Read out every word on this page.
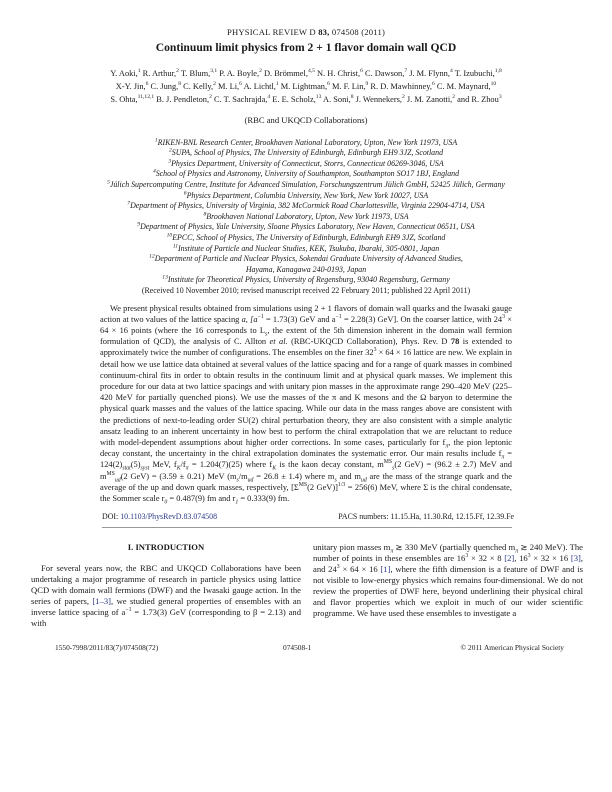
PHYSICAL REVIEW D 83, 074508 (2011)
Continuum limit physics from 2 + 1 flavor domain wall QCD
Y. Aoki,$^1$ R. Arthur,$^2$ T. Blum,$^{3,1}$ P. A. Boyle,$^2$ D. Brömmel,$^{4,5}$ N. H. Christ,$^6$ C. Dawson,$^7$ J. M. Flynn,$^4$ T. Izubuchi,$^{1,8}$
X-Y. Jin,$^6$ C. Jung,$^8$ C. Kelly,$^2$ M. Li,$^6$ A. Lichtl,$^1$ M. Lightman,$^6$ M. F. Lin,$^9$ R. D. Mawhinney,$^6$ C. M. Maynard,$^{10}$
S. Ohta,$^{11,12,1}$ B. J. Pendleton,$^2$ C. T. Sachrajda,$^4$ E. E. Scholz,$^{13}$ A. Soni,$^8$ J. Wennekers,$^2$ J. M. Zanotti,$^2$ and R. Zhou$^3$
(RBC and UKQCD Collaborations)
$^1$RIKEN-BNL Research Center, Brookhaven National Laboratory, Upton, New York 11973, USA
$^2$SUPA, School of Physics, The University of Edinburgh, Edinburgh EH9 3JZ, Scotland
$^3$Physics Department, University of Connecticut, Storrs, Connecticut 06269-3046, USA
$^4$School of Physics and Astronomy, University of Southampton, Southampton SO17 1BJ, England
$^5$Jülich Supercomputing Centre, Institute for Advanced Simulation, Forschungszentrum Jülich GmbH, 52425 Jülich, Germany
$^6$Physics Department, Columbia University, New York, New York 10027, USA
$^7$Department of Physics, University of Virginia, 382 McCormick Road Charlottesville, Virginia 22904-4714, USA
$^8$Brookhaven National Laboratory, Upton, New York 11973, USA
$^9$Department of Physics, Yale University, Sloane Physics Laboratory, New Haven, Connecticut 06511, USA
$^{10}$EPCC, School of Physics, The University of Edinburgh, Edinburgh EH9 3JZ, Scotland
$^{11}$Institute of Particle and Nuclear Studies, KEK, Tsukuba, Ibaraki, 305-0801, Japan
$^{12}$Department of Particle and Nuclear Physics, Sokendai Graduate University of Advanced Studies,
Hayama, Kanagawa 240-0193, Japan
$^{13}$Institute for Theoretical Physics, University of Regensburg, 93040 Regensburg, Germany
(Received 10 November 2010; revised manuscript received 22 February 2011; published 22 April 2011)

We present physical results obtained from simulations using 2 + 1 flavors of domain wall quarks and the Iwasaki gauge action at two values of the lattice spacing a, [$a^{-1} = 1.73(3)$ GeV and $a^{-1} = 2.28(3)$ GeV]. On the coarser lattice, with $24^3 \times 64 \times 16$ points (where the 16 corresponds to $L_s$, the extent of the 5th dimension inherent in the domain wall fermion formulation of QCD), the analysis of C. Allton et al. (RBC-UKQCD Collaboration), Phys. Rev. D 78 is extended to approximately twice the number of configurations. The ensembles on the finer $32^3 \times 64 \times 16$ lattice are new. We explain in detail how we use lattice data obtained at several values of the lattice spacing and for a range of quark masses in combined continuum-chiral fits in order to obtain results in the continuum limit and at physical quark masses. We implement this procedure for our data at two lattice spacings and with unitary pion masses in the approximate range 290–420 MeV (225–420 MeV for partially quenched pions). We use the masses of the π and K mesons and the Ω baryon to determine the physical quark masses and the values of the lattice spacing. While our data in the mass ranges above are consistent with the predictions of next-to-leading order SU(2) chiral perturbation theory, they are also consistent with a simple analytic ansatz leading to an inherent uncertainty in how best to perform the chiral extrapolation that we are reluctant to reduce with model-dependent assumptions about higher order corrections. In some cases, particularly for $f_\pi$, the pion leptonic decay constant, the uncertainty in the chiral extrapolation dominates the systematic error. Our main results include $f_\pi = 124(2)_{stat}(5)_{syst}$ MeV, $f_K/f_\pi = 1.204(7)(25)$ where $f_K$ is the kaon decay constant, $m^{MS}_s(2$ GeV) = (96.2 ± 2.7) MeV and $m^{MS}_{ud}(2$ GeV) = (3.59 ± 0.21) MeV $(m_s/m_{ud} = 26.8 \pm 1.4)$ where $m_s$ and $m_{ud}$ are the mass of the strange quark and the average of the up and down quark masses, respectively, [$\Sigma^{MS}(2$ GeV)]$^{1/3}$ = 256(6) MeV, where Σ is the chiral condensate, the Sommer scale $r_0 = 0.487(9)$ fm and $r_1 = 0.333(9)$ fm.

DOI: 10.1103/PhysRevD.83.074508	PACS numbers: 11.15.Ha, 11.30.Rd, 12.15.Ff, 12.39.Fe
I. INTRODUCTION

For several years now, the RBC and UKQCD Collaborations have been undertaking a major programme of research in particle physics using lattice QCD with domain wall fermions (DWF) and the Iwasaki gauge action. In the series of papers, [1–3], we studied general properties of ensembles with an inverse lattice spacing of $a^{-1} = 1.73(3)$ GeV (corresponding to β = 2.13) and with

unitary pion masses $m_\pi$ ≳ 330 MeV (partially quenched $m_\pi$ ≳ 240 MeV). The number of points in these ensembles are $16^3 \times 32 \times 8$ [2], $16^3 \times 32 \times 16$ [3], and $24^3 \times 64 \times 16$ [1], where the fifth dimension is a feature of DWF and is not visible to low-energy physics which remains four-dimensional. We do not review the properties of DWF here, beyond underlining their physical chiral and flavor properties which we exploit in much of our wider scientific programme. We have used these ensembles to investigate a

1550-7998/2011/83(7)/074508(72)	074508-1	© 2011 American Physical Society
